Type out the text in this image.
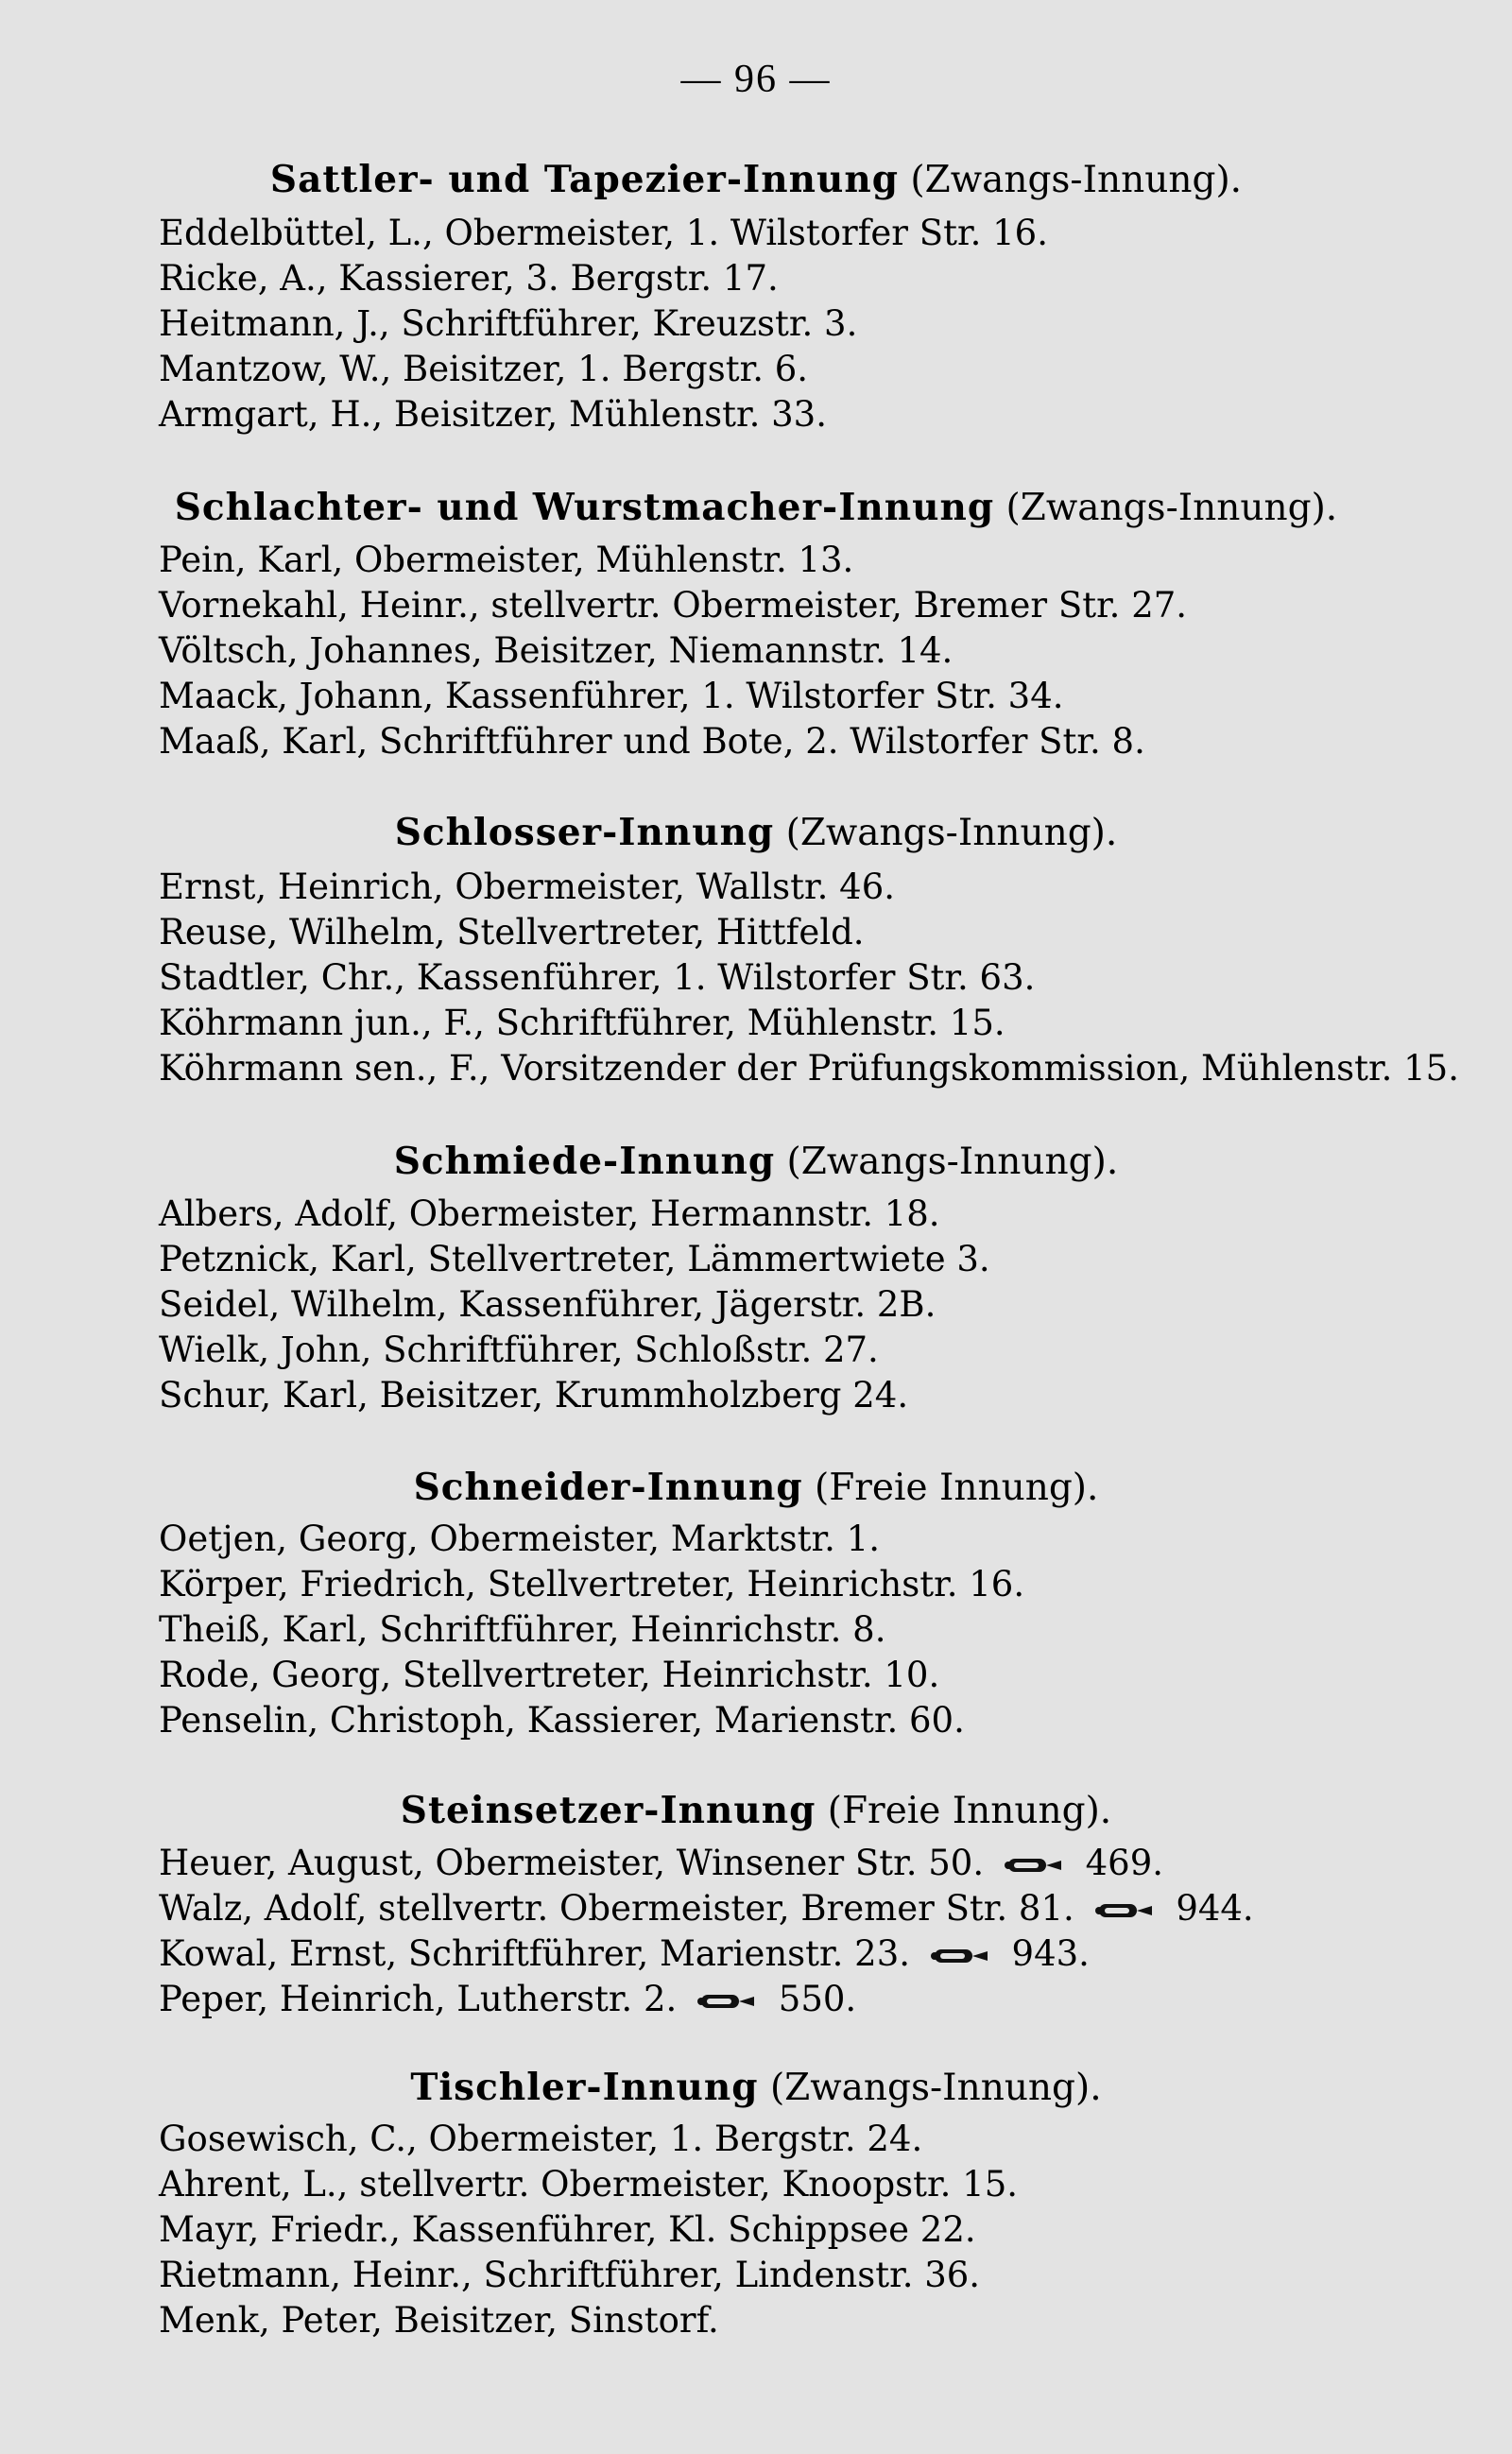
— 96 —
Sattler- und Tapezier-Innung (Zwangs-Innung).
Eddelbüttel, L., Obermeister, 1. Wilstorfer Str. 16.
Ricke, A., Kassierer, 3. Bergstr. 17.
Heitmann, J., Schriftführer, Kreuzstr. 3.
Mantzow, W., Beisitzer, 1. Bergstr. 6.
Armgart, H., Beisitzer, Mühlenstr. 33.
Schlachter- und Wurstmacher-Innung (Zwangs-Innung).
Pein, Karl, Obermeister, Mühlenstr. 13.
Vornekahl, Heinr., stellvertr. Obermeister, Bremer Str. 27.
Völtsch, Johannes, Beisitzer, Niemannstr. 14.
Maack, Johann, Kassenführer, 1. Wilstorfer Str. 34.
Maaß, Karl, Schriftführer und Bote, 2. Wilstorfer Str. 8.
Schlosser-Innung (Zwangs-Innung).
Ernst, Heinrich, Obermeister, Wallstr. 46.
Reuse, Wilhelm, Stellvertreter, Hittfeld.
Stadtler, Chr., Kassenführer, 1. Wilstorfer Str. 63.
Köhrmann jun., F., Schriftführer, Mühlenstr. 15.
Köhrmann sen., F., Vorsitzender der Prüfungskommission, Mühlenstr. 15.
Schmiede-Innung (Zwangs-Innung).
Albers, Adolf, Obermeister, Hermannstr. 18.
Petznick, Karl, Stellvertreter, Lämmertwiete 3.
Seidel, Wilhelm, Kassenführer, Jägerstr. 2B.
Wielk, John, Schriftführer, Schloßstr. 27.
Schur, Karl, Beisitzer, Krummholzberg 24.
Schneider-Innung (Freie Innung).
Oetjen, Georg, Obermeister, Marktstr. 1.
Körper, Friedrich, Stellvertreter, Heinrichstr. 16.
Theiß, Karl, Schriftführer, Heinrichstr. 8.
Rode, Georg, Stellvertreter, Heinrichstr. 10.
Penselin, Christoph, Kassierer, Marienstr. 60.
Steinsetzer-Innung (Freie Innung).
Heuer, August, Obermeister, Winsener Str. 50.	469.
Walz, Adolf, stellvertr. Obermeister, Bremer Str. 81.	944.
Kowal, Ernst, Schriftführer, Marienstr. 23.	943.
Peper, Heinrich, Lutherstr. 2.	550.
Tischler-Innung (Zwangs-Innung).
Gosewisch, C., Obermeister, 1. Bergstr. 24.
Ahrent, L., stellvertr. Obermeister, Knoopstr. 15.
Mayr, Friedr., Kassenführer, Kl. Schippsee 22.
Rietmann, Heinr., Schriftführer, Lindenstr. 36.
Menk, Peter, Beisitzer, Sinstorf.
